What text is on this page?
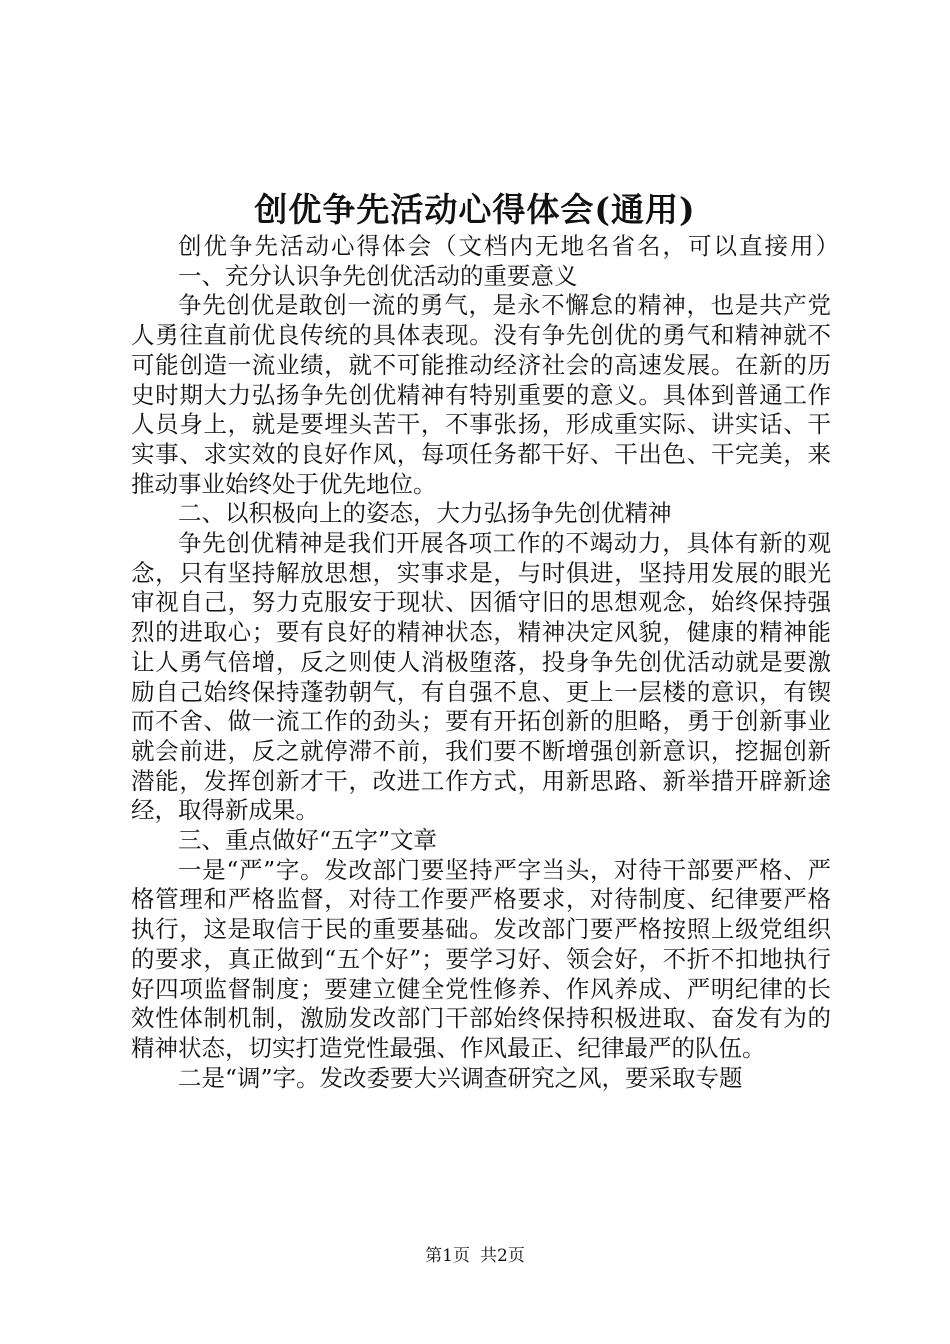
创优争先活动心得体会(通用)

创优争先活动心得体会（文档内无地名省名，可以直接用）

一、充分认识争先创优活动的重要意义

争先创优是敢创一流的勇气，是永不懈怠的精神，也是共产党人勇往直前优良传统的具体表现。没有争先创优的勇气和精神就不可能创造一流业绩，就不可能推动经济社会的高速发展。在新的历史时期大力弘扬争先创优精神有特别重要的意义。具体到普通工作人员身上，就是要埋头苦干，不事张扬，形成重实际、讲实话、干实事、求实效的良好作风，每项任务都干好、干出色、干完美，来推动事业始终处于优先地位。

二、以积极向上的姿态，大力弘扬争先创优精神

争先创优精神是我们开展各项工作的不竭动力，具体有新的观念，只有坚持解放思想，实事求是，与时俱进，坚持用发展的眼光审视自己，努力克服安于现状、因循守旧的思想观念，始终保持强烈的进取心；要有良好的精神状态，精神决定风貌，健康的精神能让人勇气倍增，反之则使人消极堕落，投身争先创优活动就是要激励自己始终保持蓬勃朝气，有自强不息、更上一层楼的意识，有锲而不舍、做一流工作的劲头；要有开拓创新的胆略，勇于创新事业就会前进，反之就停滞不前，我们要不断增强创新意识，挖掘创新潜能，发挥创新才干，改进工作方式，用新思路、新举措开辟新途经，取得新成果。

三、重点做好“五字”文章

一是“严”字。发改部门要坚持严字当头，对待干部要严格、严格管理和严格监督，对待工作要严格要求，对待制度、纪律要严格执行，这是取信于民的重要基础。发改部门要严格按照上级党组织的要求，真正做到“五个好”；要学习好、领会好，不折不扣地执行好四项监督制度；要建立健全党性修养、作风养成、严明纪律的长效性体制机制，激励发改部门干部始终保持积极进取、奋发有为的精神状态，切实打造党性最强、作风最正、纪律最严的队伍。

二是“调”字。发改委要大兴调查研究之风，要采取专题

第1页 共2页
